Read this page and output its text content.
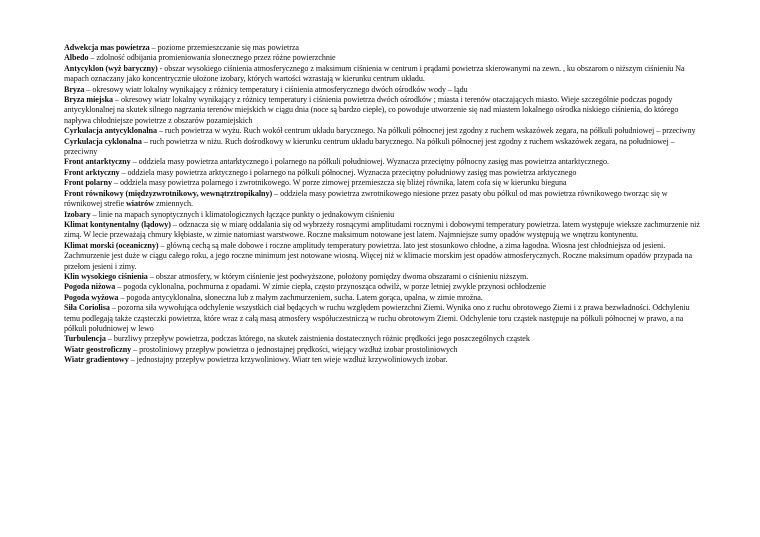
Adwekcja mas powietrza – poziome przemieszczanie się mas powietrza

Albedo – zdolność odbijania promieniowania słonecznego przez różne powierzchnie

Antycyklon (wyż baryczny) - obszar wysokiego ciśnienia atmosferycznego z maksimum ciśnienia w centrum i prądami powietrza skierowanymi na zewn. , ku obszarom o niższym ciśnieniu Na mapach oznaczany jako koncentrycznie ułożone izobary, których wartości wzrastają w kierunku centrum układu.

Bryza – okresowy wiatr lokalny wynikający z różnicy temperatury i ciśnienia atmosferycznego dwóch ośrodków wody – lądu

Bryza miejska – okresowy wiatr lokalny wynikający z różnicy temperatury i ciśnienia powietrza dwóch ośrodków ; miasta i terenów otaczających miasto. Wieje szczególnie podczas pogody antycyklonalnej na skutek silnego nagrzania terenów miejskich w ciągu dnia (noce są bardzo ciepłe), co powoduje utworzenie się nad miastem lokalnego ośrodka niskiego ciśnienia, do którego napływa chłodniejsze powietrze z obszarów pozamiejskich

Cyrkulacja antycyklonalna – ruch powietrza w wyżu. Ruch wokół centrum układu barycznego. Na półkuli północnej jest zgodny z ruchem wskazówek zegara, na półkuli południowej – przeciwny

Cyrkulacja cyklonalna – ruch powietrza w niżu. Ruch dośrodkowy w kierunku centrum układu barycznego. Na półkuli północnej jest zgodny z ruchem wskazówek zegara, na południowej – przeciwny

Front antarktyczny – oddziela masy powietrza antarktycznego i polarnego na półkuli południowej. Wyznacza przeciętny północny zasięg mas powietrza antarktycznego.

Front arktyczny – oddziela masy powietrza arktycznego i polarnego na półkuli północnej. Wyznacza przeciętny południowy zasięg mas powietrza arktycznego

Front polarny – oddziela masy powietrza polarnego i zwrotnikowego. W porze zimowej przemieszcza się bliżej równika, latem cofa się w kierunku bieguna

Front równikowy (międzyzwrotnikowy, wewnątrztropikalny) – oddziela masy powietrza zwrotnikowego niesione przez pasaty obu półkul od mas powietrza równikowego tworząc się w równikowej strefie wiatrów zmiennych.

Izobary – linie na mapach synoptycznych i klimatologicznych łączące punkty o jednakowym ciśnieniu

Klimat kontynentalny (lądowy) – odznacza się w miarę oddalania się od wybrzeży rosnącymi amplitudami rocznymi i dobowymi temperatury powietrza. latem występuje wieksze zachmurzenie niż zimą. W lecie przeważają chmury kłębiaste, w zimie natomiast warstwowe. Roczne maksimum notowane jest latem. Najmniejsze sumy opadów występują we wnętrzu kontynentu.

Klimat morski (oceaniczny) – główną cechą są małe dobowe i roczne amplitudy temperatury powietrza. lato jest stosunkowo chłodne, a zima łagodna. Wiosna jest chłodniejsza od jesieni. Zachmurzenie jest duże w ciągu całego roku, a jego roczne minimum jest notowane wiosną. Więcej niż w klimacie morskim jest opadów atmosferycznych. Roczne maksimum opadów przypada na przełom jesieni i zimy.

Klin wysokiego ciśnienia – obszar atmosfery, w którym ciśnienie jest podwyższone, położony pomiędzy dwoma obszarami o ciśnieniu niższym.

Pogoda niżowa – pogoda cyklonalna, pochmurna z opadami. W zimie ciepła, często przynosząca odwilż, w porze letniej zwykle przynosi ochłodzenie

Pogoda wyżowa – pogoda antycyklonalna, słoneczna lub z małym zachmurzeniem, sucha. Latem gorąca, upalna, w zimie mroźna.

Siła Coriolisa – pozorna siła wywołująca odchylenie wszystkich ciał będących w ruchu względem powierzchni Ziemi. Wynika ono z ruchu obrotowego Ziemi i z prawa bezwładności. Odchyleniu temu podlegają także cząsteczki powietrza, które wraz z całą masą atmosfery współuczestniczą w ruchu obrotowym Ziemi. Odchylenie toru cząstek następuje na półkuli północnej w prawo, a na półkuli południowej w lewo

Turbulencja – burzliwy przepływ powietrza, podczas którego, na skutek zaistnienia dostatecznych różnic prędkości jego poszczególnych cząstek

Wiatr geostroficzny – prostoliniowy przepływ powietrza o jednostajnej prędkości, wiejący wzdłuż izobar prostoliniowych

Wiatr gradientowy – jednostajny przepływ powietrza krzywoliniowy. Wiatr ten wieje wzdłuż krzywoliniowych izobar.
